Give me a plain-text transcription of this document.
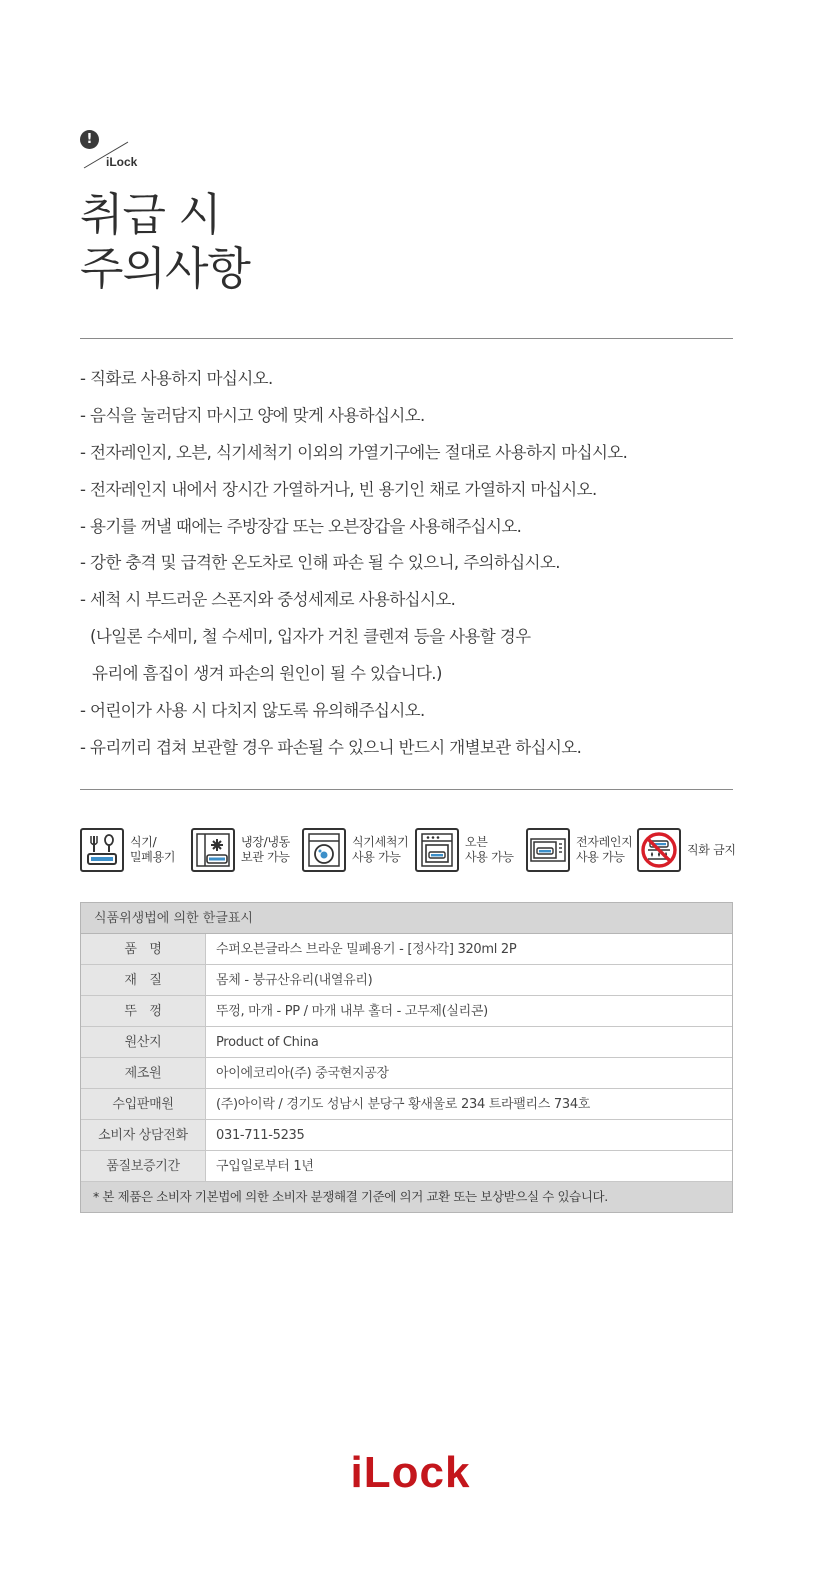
!
iLock
취급 시
주의사항
- 직화로 사용하지 마십시오.
- 음식을 눌러담지 마시고 양에 맞게 사용하십시오.
- 전자레인지, 오븐, 식기세척기 이외의 가열기구에는 절대로 사용하지 마십시오.
- 전자레인지 내에서 장시간 가열하거나, 빈 용기인 채로 가열하지 마십시오.
- 용기를 꺼낼 때에는 주방장갑 또는 오븐장갑을 사용해주십시오.
- 강한 충격 및 급격한 온도차로 인해 파손 될 수 있으니, 주의하십시오.
- 세척 시 부드러운 스폰지와 중성세제로 사용하십시오.
(나일론 수세미, 철 수세미, 입자가 거친 클렌져 등을 사용할 경우
유리에 흠집이 생겨 파손의 원인이 될 수 있습니다.)
- 어린이가 사용 시 다치지 않도록 유의해주십시오.
- 유리끼리 겹쳐 보관할 경우 파손될 수 있으니 반드시 개별보관 하십시오.
식기/
밀폐용기
냉장/냉동
보관 가능
식기세척기
사용 가능
오븐
사용 가능
전자레인지
사용 가능
직화 금지
식품위생법에 의한 한글표시
품　명	수퍼오븐글라스 브라운 밀폐용기 - [정사각] 320ml 2P
재　질	몸체 - 붕규산유리(내열유리)
뚜　껑	뚜껑, 마개 - PP / 마개 내부 홀더 - 고무제(실리콘)
원산지	Product of China
제조원	아이에코리아(주) 중국현지공장
수입판매원	(주)아이락 / 경기도 성남시 분당구 황새울로 234 트라팰리스 734호
소비자 상담전화	031-711-5235
품질보증기간	구입일로부터 1년
* 본 제품은 소비자 기본법에 의한 소비자 분쟁해결 기준에 의거 교환 또는 보상받으실 수 있습니다.
iLock
